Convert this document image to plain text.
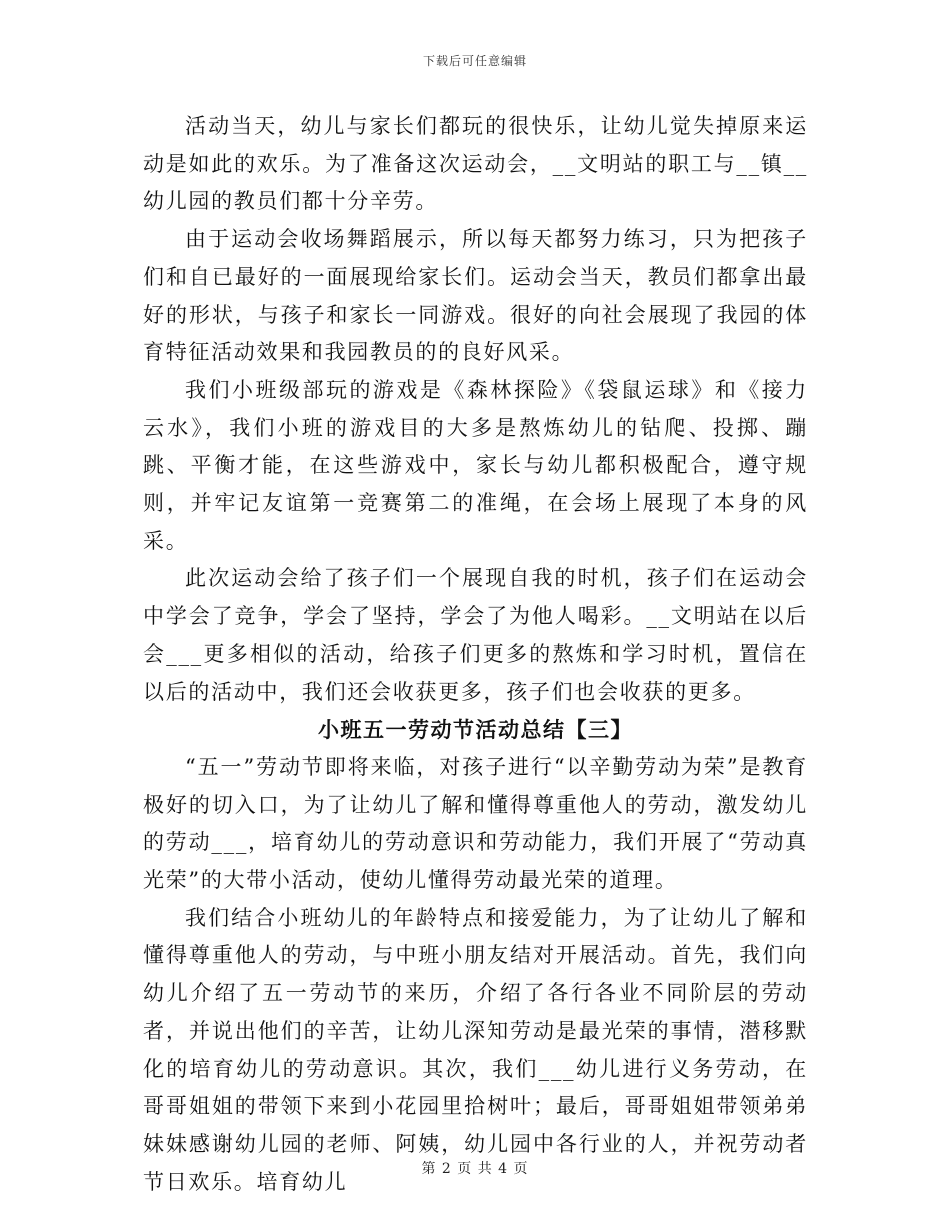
下载后可任意编辑

活动当天，幼儿与家长们都玩的很快乐，让幼儿觉失掉原来运动是如此的欢乐。为了准备这次运动会，__文明站的职工与__镇__幼儿园的教员们都十分辛劳。

由于运动会收场舞蹈展示，所以每天都努力练习，只为把孩子们和自已最好的一面展现给家长们。运动会当天，教员们都拿出最好的形状，与孩子和家长一同游戏。很好的向社会展现了我园的体育特征活动效果和我园教员的的良好风采。

我们小班级部玩的游戏是《森林探险》《袋鼠运球》和《接力云水》，我们小班的游戏目的大多是熬炼幼儿的钻爬、投掷、蹦跳、平衡才能，在这些游戏中，家长与幼儿都积极配合，遵守规则，并牢记友谊第一竞赛第二的准绳，在会场上展现了本身的风采。

此次运动会给了孩子们一个展现自我的时机，孩子们在运动会中学会了竞争，学会了坚持，学会了为他人喝彩。__文明站在以后会___更多相似的活动，给孩子们更多的熬炼和学习时机，置信在以后的活动中，我们还会收获更多，孩子们也会收获的更多。

小班五一劳动节活动总结【三】

“五一”劳动节即将来临，对孩子进行“以辛勤劳动为荣”是教育极好的切入口，为了让幼儿了解和懂得尊重他人的劳动，激发幼儿的劳动___，培育幼儿的劳动意识和劳动能力，我们开展了“劳动真光荣”的大带小活动，使幼儿懂得劳动最光荣的道理。

我们结合小班幼儿的年龄特点和接爱能力，为了让幼儿了解和懂得尊重他人的劳动，与中班小朋友结对开展活动。首先，我们向幼儿介绍了五一劳动节的来历，介绍了各行各业不同阶层的劳动者，并说出他们的辛苦，让幼儿深知劳动是最光荣的事情，潜移默化的培育幼儿的劳动意识。其次，我们___幼儿进行义务劳动，在哥哥姐姐的带领下来到小花园里拾树叶；最后，哥哥姐姐带领弟弟妹妹感谢幼儿园的老师、阿姨，幼儿园中各行业的人，并祝劳动者节日欢乐。培育幼儿

第 2 页 共 4 页
